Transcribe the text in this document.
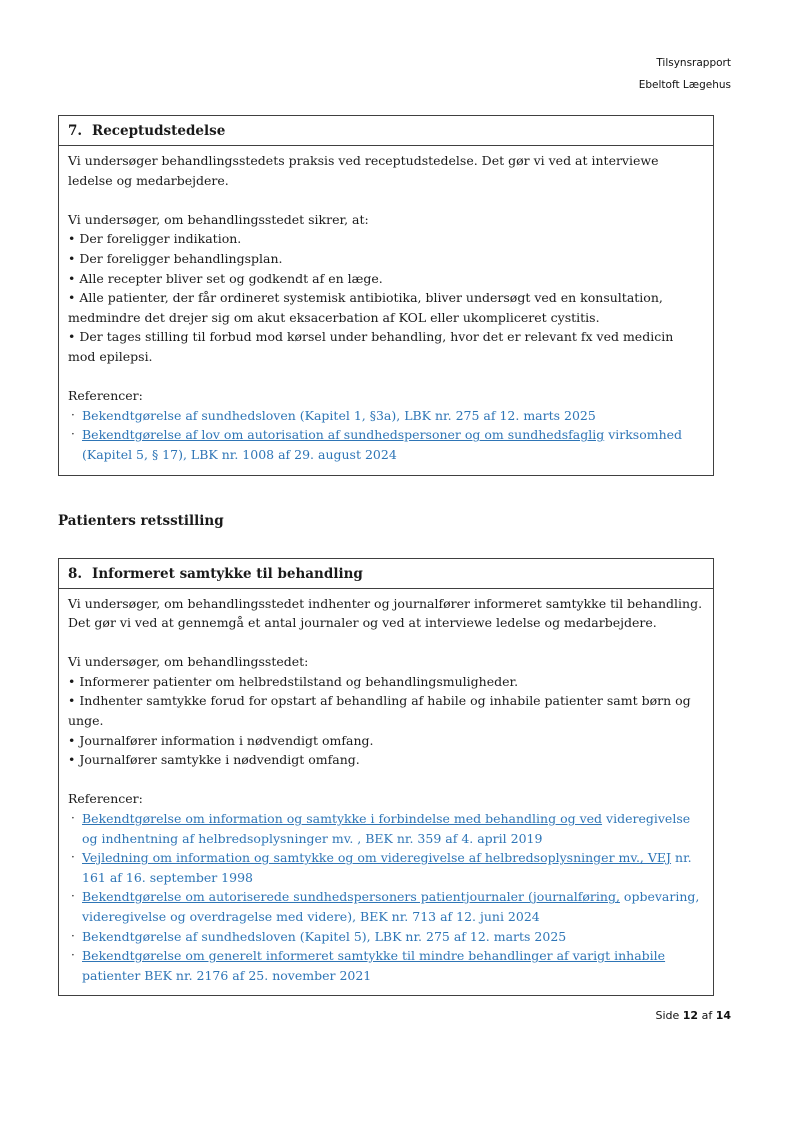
Tilsynsrapport
Ebeltoft Lægehus
7. Receptudstedelse
Vi undersøger behandlingsstedets praksis ved receptudstedelse. Det gør vi ved at interviewe ledelse og medarbejdere.
Vi undersøger, om behandlingsstedet sikrer, at:
• Der foreligger indikation.
• Der foreligger behandlingsplan.
• Alle recepter bliver set og godkendt af en læge.
• Alle patienter, der får ordineret systemisk antibiotika, bliver undersøgt ved en konsultation, medmindre det drejer sig om akut eksacerbation af KOL eller ukompliceret cystitis.
• Der tages stilling til forbud mod kørsel under behandling, hvor det er relevant fx ved medicin mod epilepsi.
Referencer:
· Bekendtgørelse af sundhedsloven (Kapitel 1, §3a), LBK nr. 275 af 12. marts 2025
· Bekendtgørelse af lov om autorisation af sundhedspersoner og om sundhedsfaglig virksomhed (Kapitel 5, § 17), LBK nr. 1008 af 29. august 2024
Patienters retsstilling
8. Informeret samtykke til behandling
Vi undersøger, om behandlingsstedet indhenter og journalfører informeret samtykke til behandling. Det gør vi ved at gennemgå et antal journaler og ved at interviewe ledelse og medarbejdere.
Vi undersøger, om behandlingsstedet:
• Informerer patienter om helbredstilstand og behandlingsmuligheder.
• Indhenter samtykke forud for opstart af behandling af habile og inhabile patienter samt børn og unge.
• Journalfører information i nødvendigt omfang.
• Journalfører samtykke i nødvendigt omfang.
Referencer:
· Bekendtgørelse om information og samtykke i forbindelse med behandling og ved videregivelse og indhentning af helbredsoplysninger mv. , BEK nr. 359 af 4. april 2019
· Vejledning om information og samtykke og om videregivelse af helbredsoplysninger mv., VEJ nr. 161 af 16. september 1998
· Bekendtgørelse om autoriserede sundhedspersoners patientjournaler (journalføring, opbevaring, videregivelse og overdragelse med videre), BEK nr. 713 af 12. juni 2024
· Bekendtgørelse af sundhedsloven (Kapitel 5), LBK nr. 275 af 12. marts 2025
· Bekendtgørelse om generelt informeret samtykke til mindre behandlinger af varigt inhabile patienter BEK nr. 2176 af 25. november 2021
Side 12 af 14
